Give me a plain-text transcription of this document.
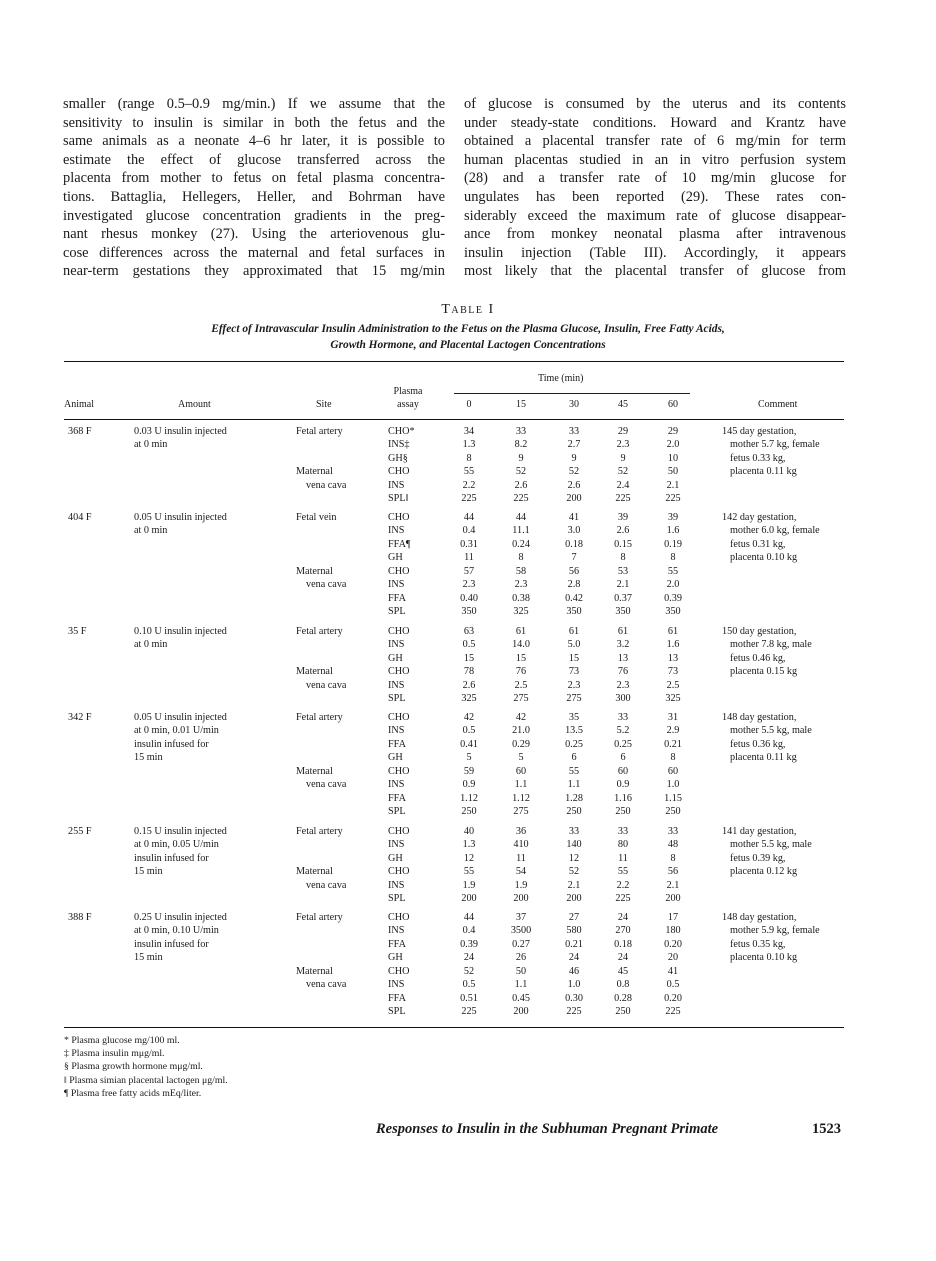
smaller (range 0.5–0.9 mg/min.) If we assume that the

sensitivity to insulin is similar in both the fetus and the

same animals as a neonate 4–6 hr later, it is possible to

estimate the effect of glucose transferred across the

placenta from mother to fetus on fetal plasma concentra-

tions. Battaglia, Hellegers, Heller, and Bohrman have

investigated glucose concentration gradients in the preg-

nant rhesus monkey (27). Using the arteriovenous glu-

cose differences across the maternal and fetal surfaces in

near-term gestations they approximated that 15 mg/min

of glucose is consumed by the uterus and its contents

under steady-state conditions. Howard and Krantz have

obtained a placental transfer rate of 6 mg/min for term

human placentas studied in an in vitro perfusion system

(28) and a transfer rate of 10 mg/min glucose for

ungulates has been reported (29). These rates con-

siderably exceed the maximum rate of glucose disappear-

ance from monkey neonatal plasma after intravenous

insulin injection (Table III). Accordingly, it appears

most likely that the placental transfer of glucose from

Table I
Effect of Intravascular Insulin Administration to the Fetus on the Plasma Glucose, Insulin, Free Fatty Acids,
Growth Hormone, and Placental Lactogen Concentrations
Animal	Amount	Site
Plasma
assay
Time (min)
0	15	30	45	60	Comment
368 F	0.03 U insulin injected
at 0 min
145 day gestation,
mother 5.7 kg, female
fetus 0.33 kg,
placenta 0.11 kg
Fetal artery	CHO*	34	33	33	29	29
INS‡	1.3	8.2	2.7	2.3	2.0
GH§	8	9	9	9	10
Maternal	CHO	55	52	52	52	50
vena cava	INS	2.2	2.6	2.6	2.4	2.1
SPL‖	225	225	200	225	225
404 F	0.05 U insulin injected
at 0 min
142 day gestation,
mother 6.0 kg, female
fetus 0.31 kg,
placenta 0.10 kg
Fetal vein	CHO	44	44	41	39	39
INS	0.4	11.1	3.0	2.6	1.6
FFA¶	0.31	0.24	0.18	0.15	0.19
GH	11	8	7	8	8
Maternal	CHO	57	58	56	53	55
vena cava	INS	2.3	2.3	2.8	2.1	2.0
FFA	0.40	0.38	0.42	0.37	0.39
SPL	350	325	350	350	350
35 F	0.10 U insulin injected
at 0 min
150 day gestation,
mother 7.8 kg, male
fetus 0.46 kg,
placenta 0.15 kg
Fetal artery	CHO	63	61	61	61	61
INS	0.5	14.0	5.0	3.2	1.6
GH	15	15	15	13	13
Maternal	CHO	78	76	73	76	73
vena cava	INS	2.6	2.5	2.3	2.3	2.5
SPL	325	275	275	300	325
342 F	0.05 U insulin injected
at 0 min, 0.01 U/min
insulin infused for
15 min
148 day gestation,
mother 5.5 kg, male
fetus 0.36 kg,
placenta 0.11 kg
Fetal artery	CHO	42	42	35	33	31
INS	0.5	21.0	13.5	5.2	2.9
FFA	0.41	0.29	0.25	0.25	0.21
GH	5	5	6	6	8
Maternal	CHO	59	60	55	60	60
vena cava	INS	0.9	1.1	1.1	0.9	1.0
FFA	1.12	1.12	1.28	1.16	1.15
SPL	250	275	250	250	250
255 F	0.15 U insulin injected
at 0 min, 0.05 U/min
insulin infused for
15 min
141 day gestation,
mother 5.5 kg, male
fetus 0.39 kg,
placenta 0.12 kg
Fetal artery	CHO	40	36	33	33	33
INS	1.3	410	140	80	48
GH	12	11	12	11	8
Maternal	CHO	55	54	52	55	56
vena cava	INS	1.9	1.9	2.1	2.2	2.1
SPL	200	200	200	225	200
388 F	0.25 U insulin injected
at 0 min, 0.10 U/min
insulin infused for
15 min
148 day gestation,
mother 5.9 kg, female
fetus 0.35 kg,
placenta 0.10 kg
Fetal artery	CHO	44	37	27	24	17
INS	0.4	3500	580	270	180
FFA	0.39	0.27	0.21	0.18	0.20
GH	24	26	24	24	20
Maternal	CHO	52	50	46	45	41
vena cava	INS	0.5	1.1	1.0	0.8	0.5
FFA	0.51	0.45	0.30	0.28	0.20
SPL	225	200	225	250	225
* Plasma glucose mg/100 ml.
‡ Plasma insulin mμg/ml.
§ Plasma growth hormone mμg/ml.
‖ Plasma simian placental lactogen μg/ml.
¶ Plasma free fatty acids mEq/liter.
Responses to Insulin in the Subhuman Pregnant Primate	1523
